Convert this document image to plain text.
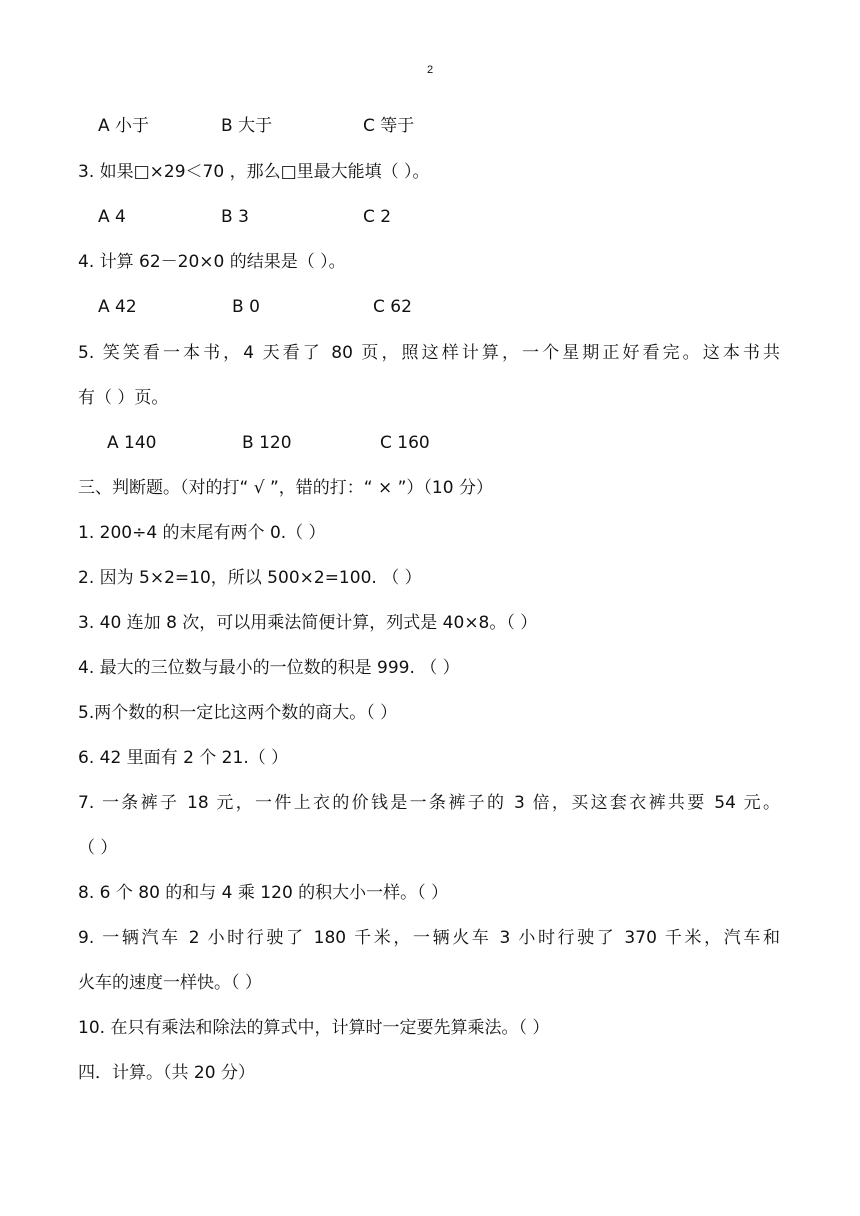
2
A 小于	B 大于	C 等于
3. 如果□×29＜70 ，那么□里最大能填（ ）。
A 4	B 3	C 2
4. 计算 62－20×0 的结果是（ ）。
A 42	B 0	C 62
5. 笑笑看一本书，4 天看了 80 页，照这样计算，一个星期正好看完。这本书共
有（ ）页。
A 140	B 120	C 160
三、判断题。（对的打“ √ ”，错的打：“ × ”）（10 分）
1. 200÷4 的末尾有两个 0.（ ）
2. 因为 5×2=10，所以 500×2=100. （ ）
3. 40 连加 8 次，可以用乘法简便计算，列式是 40×8。（ ）
4. 最大的三位数与最小的一位数的积是 999. （ ）
5.两个数的积一定比这两个数的商大。（ ）
6. 42 里面有 2 个 21.（ ）
7. 一条裤子 18 元，一件上衣的价钱是一条裤子的 3 倍，买这套衣裤共要 54 元。
（ ）
8. 6 个 80 的和与 4 乘 120 的积大小一样。（ ）
9. 一辆汽车 2 小时行驶了 180 千米，一辆火车 3 小时行驶了 370 千米，汽车和
火车的速度一样快。（ ）
10. 在只有乘法和除法的算式中，计算时一定要先算乘法。（ ）
四．计算。（共 20 分）
